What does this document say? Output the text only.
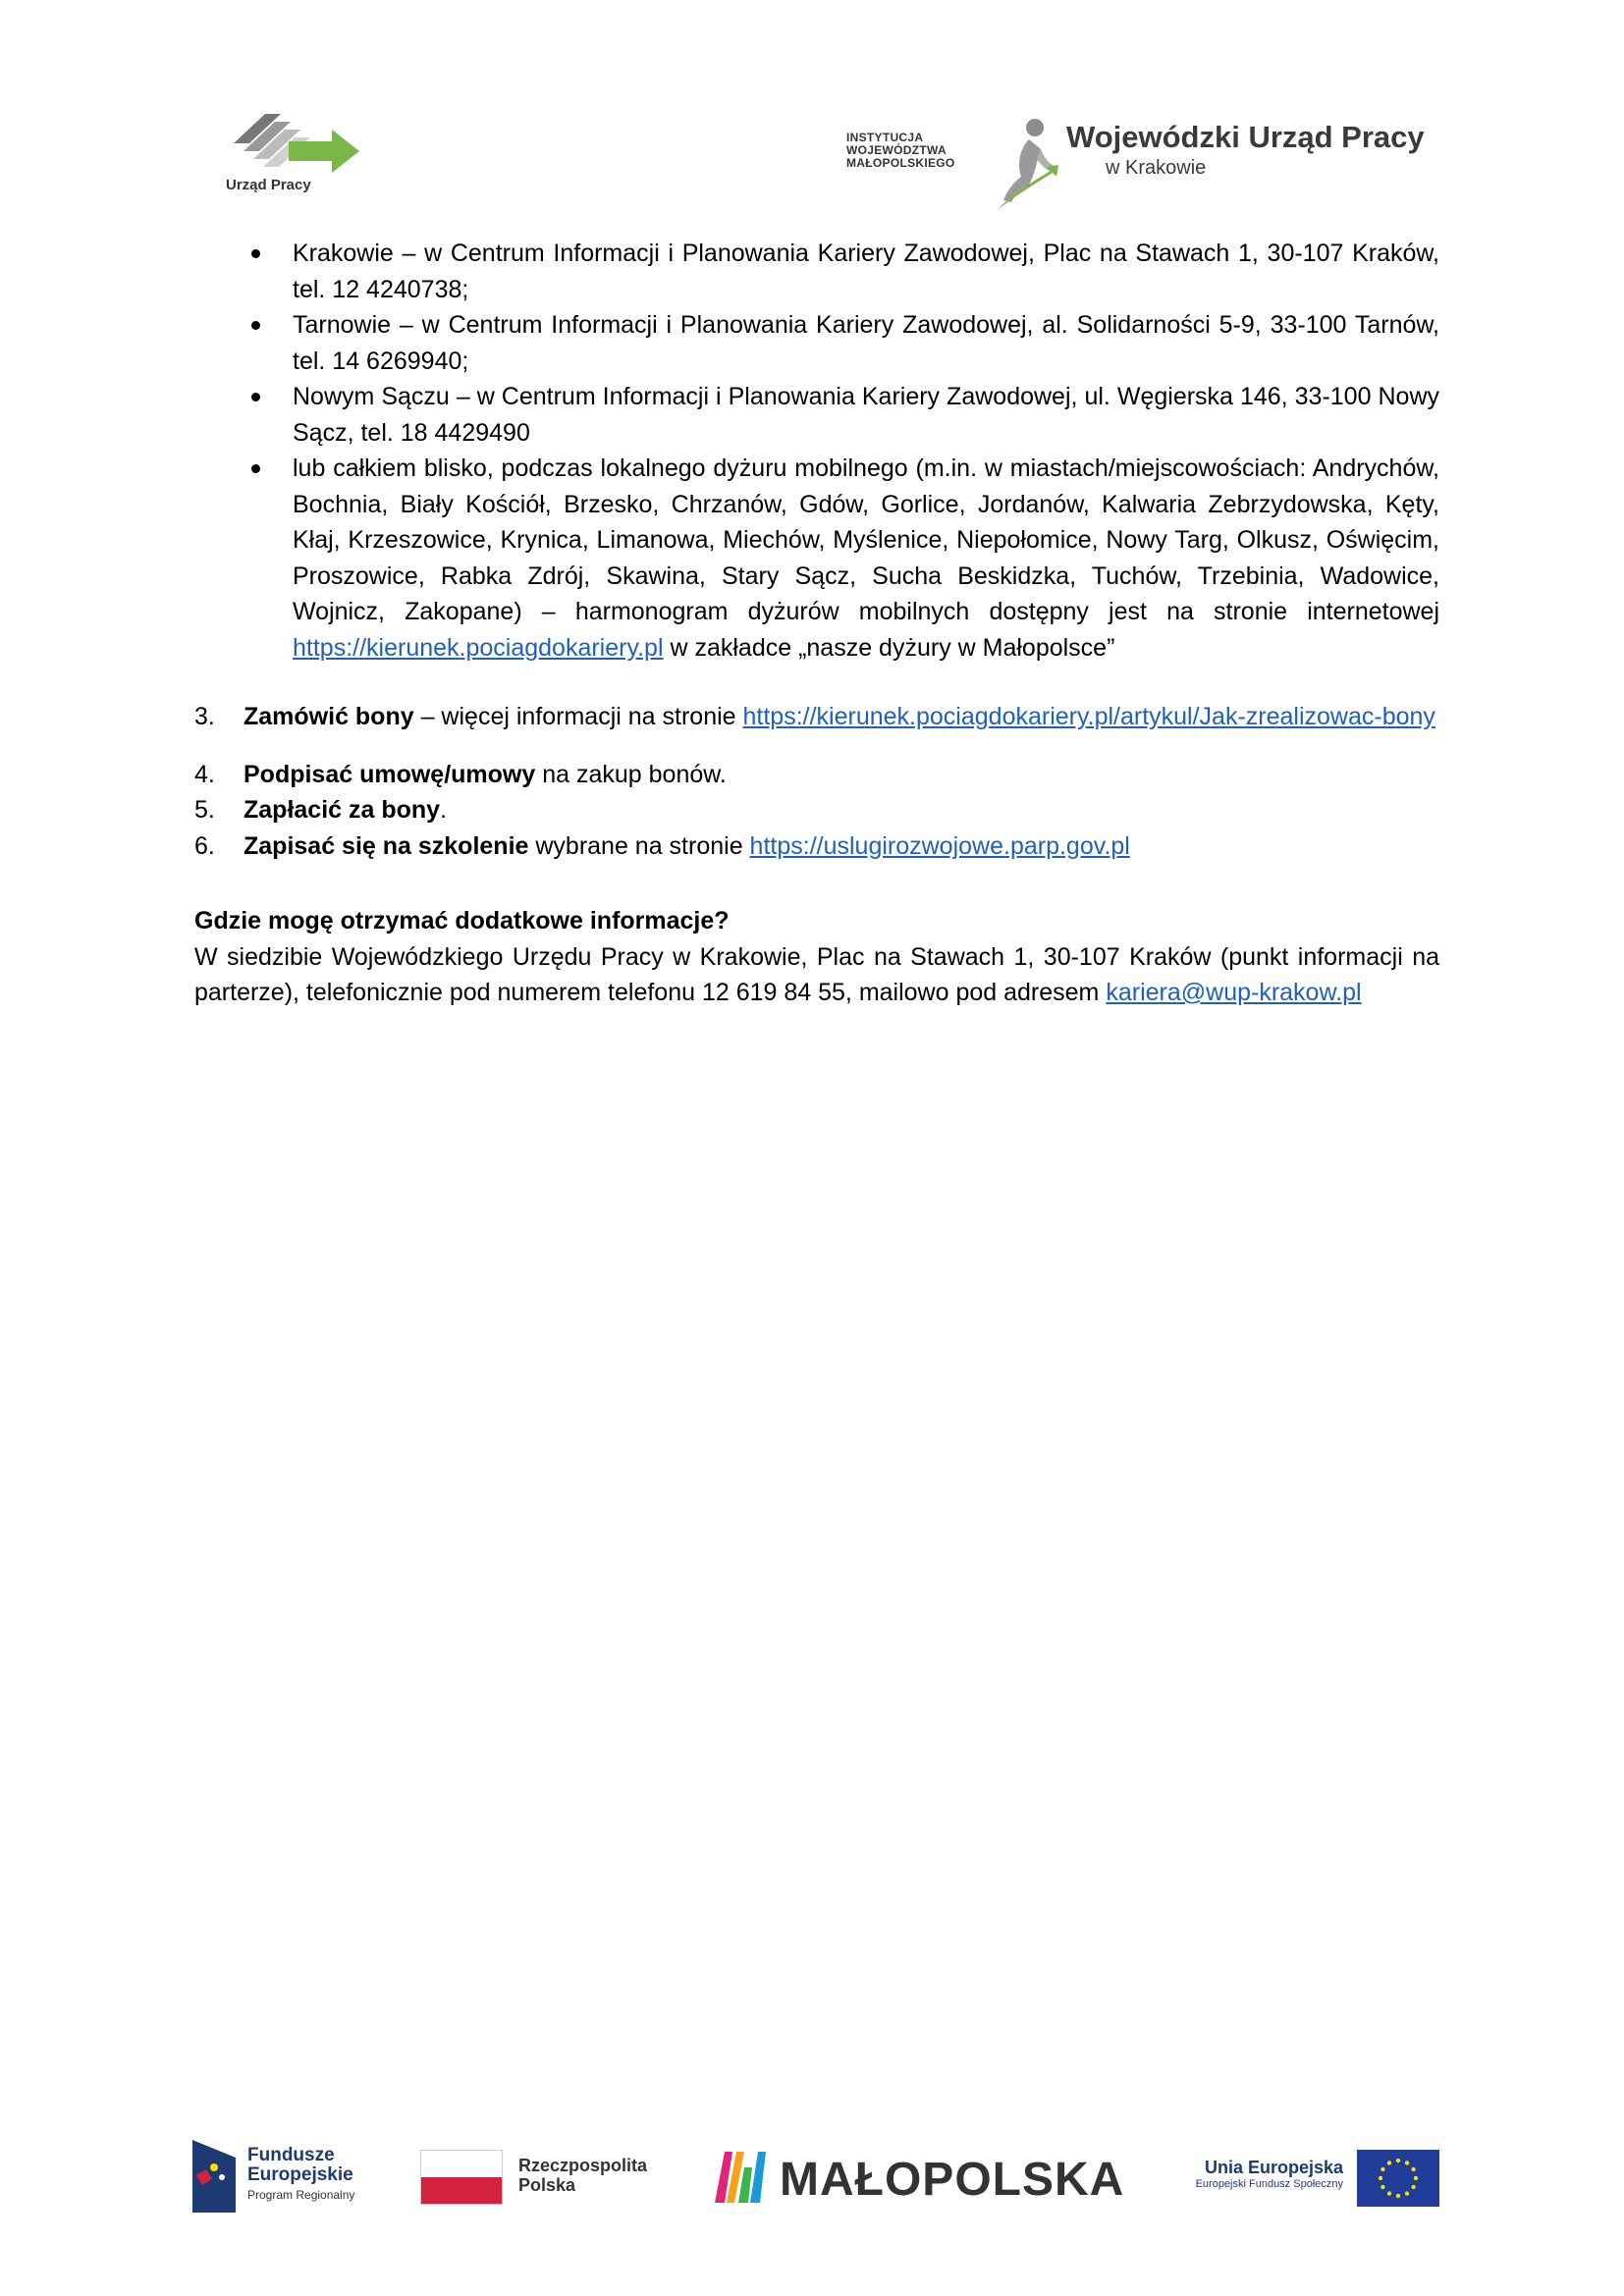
Urząd Pracy
INSTYTUCJA
WOJEWÓDZTWA
MAŁOPOLSKIEGO
Wojewódzki Urząd Pracy
w Krakowie
Krakowie – w Centrum Informacji i Planowania Kariery Zawodowej, Plac na Stawach 1, 30-107 Kraków, tel. 12 4240738;
Tarnowie – w Centrum Informacji i Planowania Kariery Zawodowej, al. Solidarności 5-9, 33-100 Tarnów, tel. 14 6269940;
Nowym Sączu – w Centrum Informacji i Planowania Kariery Zawodowej, ul. Węgierska 146, 33-100 Nowy Sącz, tel. 18 4429490
lub całkiem blisko, podczas lokalnego dyżuru mobilnego (m.in. w miastach/miejscowościach: Andrychów, Bochnia, Biały Kościół, Brzesko, Chrzanów, Gdów, Gorlice, Jordanów, Kalwaria Zebrzydowska, Kęty, Kłaj, Krzeszowice, Krynica, Limanowa, Miechów, Myślenice, Niepołomice, Nowy Targ, Olkusz, Oświęcim, Proszowice, Rabka Zdrój, Skawina, Stary Sącz, Sucha Beskidzka, Tuchów, Trzebinia, Wadowice, Wojnicz, Zakopane) – harmonogram dyżurów mobilnych dostępny jest na stronie internetowej https://kierunek.pociagdokariery.pl w zakładce „nasze dyżury w Małopolsce”
3. Zamówić bony – więcej informacji na stronie https://kierunek.pociagdokariery.pl/artykul/Jak-zrealizowac-bony
4. Podpisać umowę/umowy na zakup bonów.
5. Zapłacić za bony.
6. Zapisać się na szkolenie wybrane na stronie https://uslugirozwojowe.parp.gov.pl
Gdzie mogę otrzymać dodatkowe informacje?
W siedzibie Wojewódzkiego Urzędu Pracy w Krakowie, Plac na Stawach 1, 30-107 Kraków (punkt informacji na parterze), telefonicznie pod numerem telefonu 12 619 84 55, mailowo pod adresem kariera@wup-krakow.pl
Fundusze
Europejskie
Program Regionalny
Rzeczpospolita
Polska	MAŁOPOLSKA	Unia Europejska
Europejski Fundusz Społeczny
